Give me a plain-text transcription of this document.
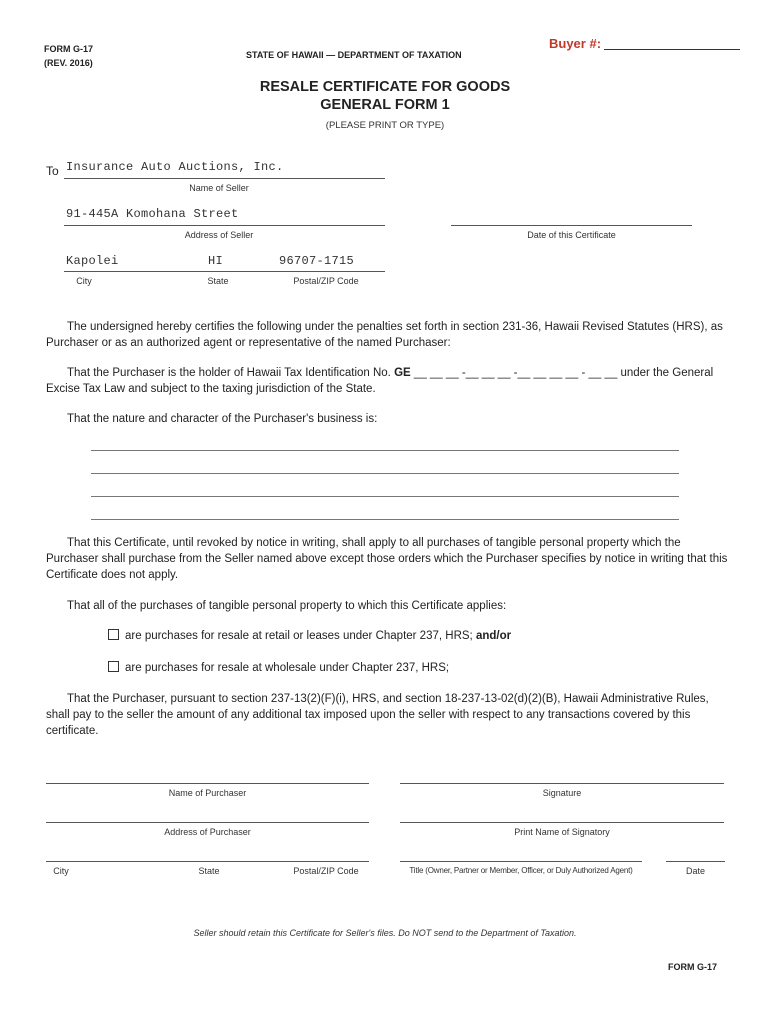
FORM G-17
(REV. 2016)
STATE OF HAWAII — DEPARTMENT OF TAXATION
Buyer #:
RESALE CERTIFICATE FOR GOODS
GENERAL FORM 1
(PLEASE PRINT OR TYPE)
To Insurance Auto Auctions, Inc.
Name of Seller
91-445A Komohana Street
Address of Seller	Date of this Certificate
Kapolei	HI	96707-1715
City	State	Postal/ZIP Code
The undersigned hereby certifies the following under the penalties set forth in section 231-36, Hawaii Revised Statutes (HRS), as Purchaser or as an authorized agent or representative of the named Purchaser:
That the Purchaser is the holder of Hawaii Tax Identification No. GE __ __ __ -__ __ __ -__ __ __ __ - __ __ under the General Excise Tax Law and subject to the taxing jurisdiction of the State.
That the nature and character of the Purchaser's business is:
That this Certificate, until revoked by notice in writing, shall apply to all purchases of tangible personal property which the Purchaser shall purchase from the Seller named above except those orders which the Purchaser specifies by notice in writing that this Certificate does not apply.
That all of the purchases of tangible personal property to which this Certificate applies:
are purchases for resale at retail or leases under Chapter 237, HRS; and/or
are purchases for resale at wholesale under Chapter 237, HRS;
That the Purchaser, pursuant to section 237-13(2)(F)(i), HRS, and section 18-237-13-02(d)(2)(B), Hawaii Administrative Rules, shall pay to the seller the amount of any additional tax imposed upon the seller with respect to any transactions covered by this certificate.
Name of Purchaser	Signature
Address of Purchaser	Print Name of Signatory
City	State	Postal/ZIP Code	Title (Owner, Partner or Member, Officer, or Duly Authorized Agent)	Date
Seller should retain this Certificate for Seller's files. Do NOT send to the Department of Taxation.
FORM G-17
